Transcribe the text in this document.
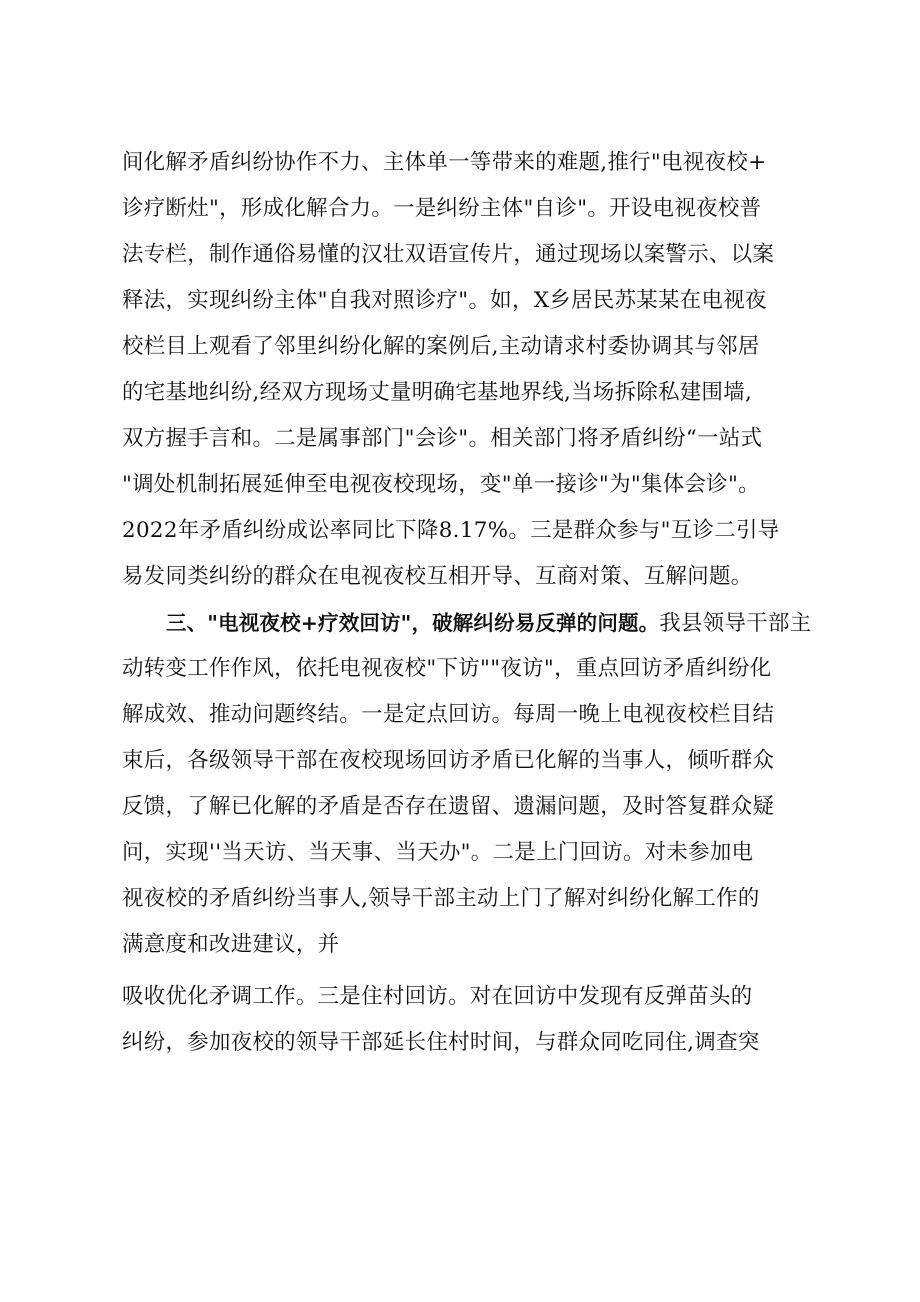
间化解矛盾纠纷协作不力、主体单一等带来的难题,推行"电视夜校+
诊疗断灶"，形成化解合力。一是纠纷主体"自诊"。开设电视夜校普
法专栏，制作通俗易懂的汉壮双语宣传片，通过现场以案警示、以案
释法，实现纠纷主体"自我对照诊疗"。如，X乡居民苏某某在电视夜
校栏目上观看了邻里纠纷化解的案例后,主动请求村委协调其与邻居
的宅基地纠纷,经双方现场丈量明确宅基地界线,当场拆除私建围墙,
双方握手言和。二是属事部门"会诊"。相关部门将矛盾纠纷“一站式
"调处机制拓展延伸至电视夜校现场，变"单一接诊"为"集体会诊"。
2022年矛盾纠纷成讼率同比下降8.17%。三是群众参与"互诊二引导
易发同类纠纷的群众在电视夜校互相开导、互商对策、互解问题。
三、"电视夜校+疗效回访"，破解纠纷易反弹的问题。我县领导干部主
动转变工作作风，依托电视夜校"下访""夜访"，重点回访矛盾纠纷化
解成效、推动问题终结。一是定点回访。每周一晚上电视夜校栏目结
束后，各级领导干部在夜校现场回访矛盾已化解的当事人，倾听群众
反馈，了解已化解的矛盾是否存在遗留、遗漏问题，及时答复群众疑
问，实现''当天访、当天事、当天办"。二是上门回访。对未参加电
视夜校的矛盾纠纷当事人,领导干部主动上门了解对纠纷化解工作的
满意度和改进建议，并
吸收优化矛调工作。三是住村回访。对在回访中发现有反弹苗头的
纠纷，参加夜校的领导干部延长住村时间，与群众同吃同住,调查突
